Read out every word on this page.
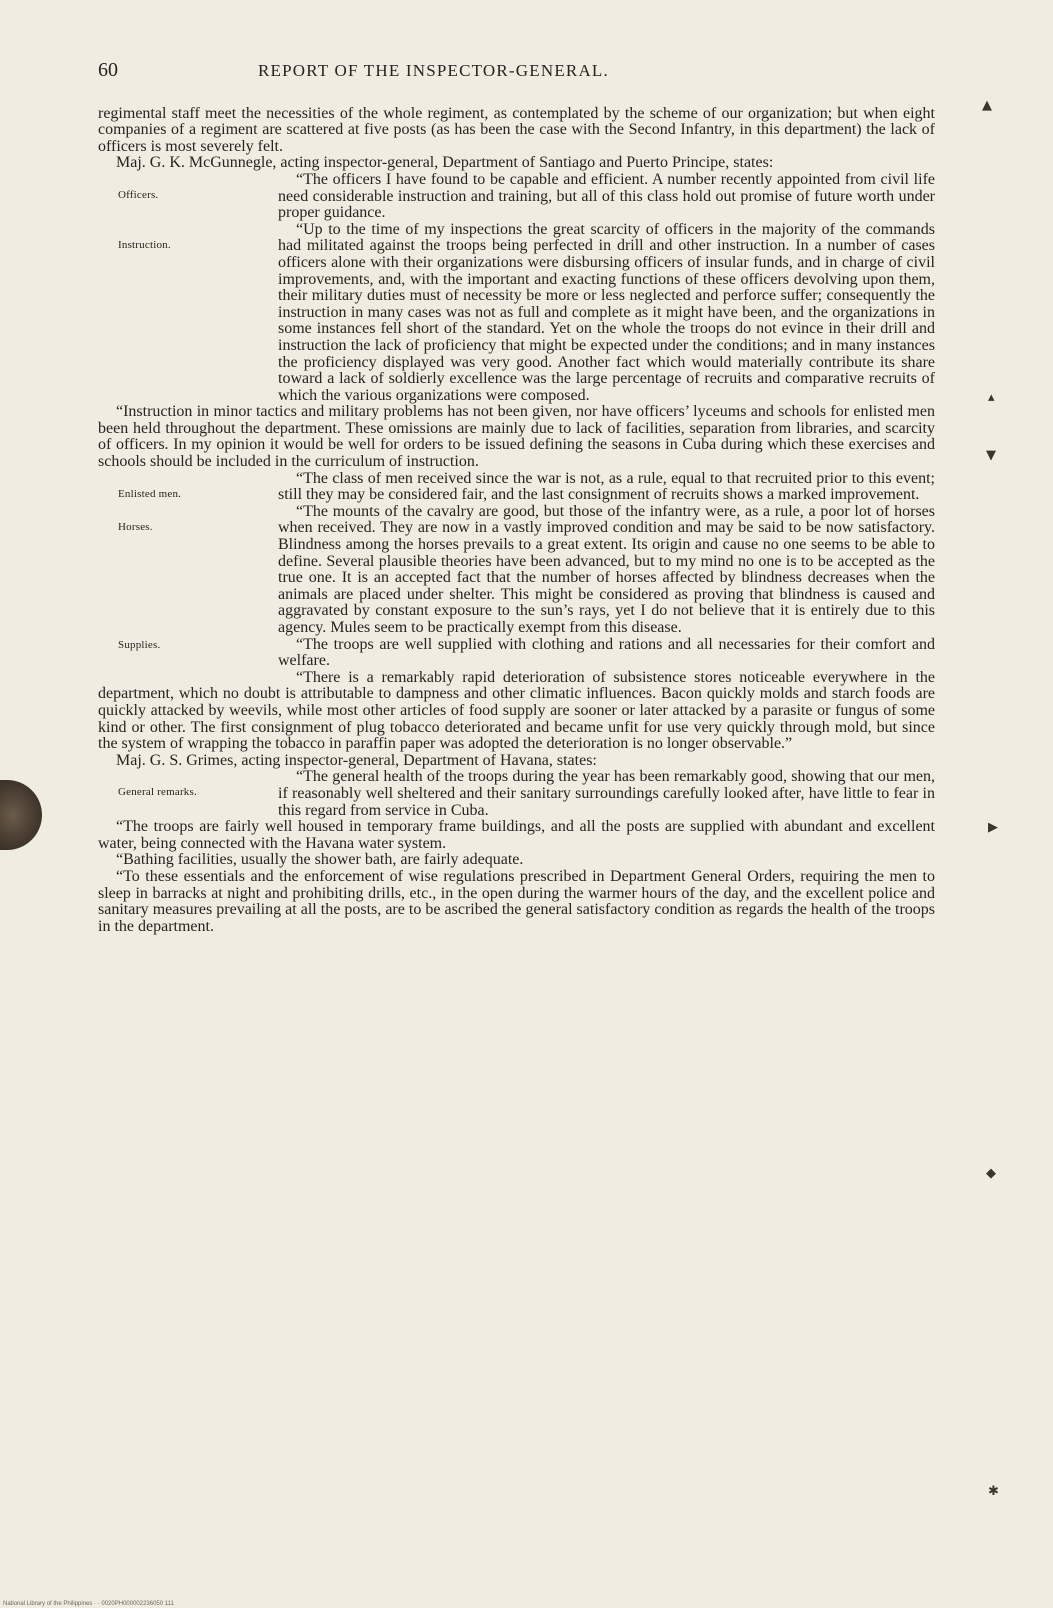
▲
▴
▼
▶
◆
✱
60	REPORT OF THE INSPECTOR-GENERAL.

regimental staff meet the necessities of the whole regiment, as contemplated by the scheme of our organization; but when eight companies of a regiment are scattered at five posts (as has been the case with the Second Infantry, in this department) the lack of officers is most severely felt.

Maj. G. K. McGunnegle, acting inspector-general, Department of Santiago and Puerto Principe, states:

Officers.

“The officers I have found to be capable and efficient. A number recently appointed from civil life need considerable instruction and training, but all of this class hold out promise of future worth under proper guidance.

Instruction.

“Up to the time of my inspections the great scarcity of officers in the majority of the commands had militated against the troops being perfected in drill and other instruction. In a number of cases officers alone with their organizations were disbursing officers of insular funds, and in charge of civil improvements, and, with the important and exacting functions of these officers devolving upon them, their military duties must of necessity be more or less neglected and perforce suffer; consequently the instruction in many cases was not as full and complete as it might have been, and the organizations in some instances fell short of the standard. Yet on the whole the troops do not evince in their drill and instruction the lack of proficiency that might be expected under the conditions; and in many instances the proficiency displayed was very good. Another fact which would materially contribute its share toward a lack of soldierly excellence was the large percentage of recruits and comparative recruits of which the various organizations were composed.

“Instruction in minor tactics and military problems has not been given, nor have officers’ lyceums and schools for enlisted men been held throughout the department. These omissions are mainly due to lack of facilities, separation from libraries, and scarcity of officers. In my opinion it would be well for orders to be issued defining the seasons in Cuba during which these exercises and schools should be included in the curriculum of instruction.

Enlisted men.

“The class of men received since the war is not, as a rule, equal to that recruited prior to this event; still they may be considered fair, and the last consignment of recruits shows a marked improvement.

Horses.

“The mounts of the cavalry are good, but those of the infantry were, as a rule, a poor lot of horses when received. They are now in a vastly improved condition and may be said to be now satisfactory. Blindness among the horses prevails to a great extent. Its origin and cause no one seems to be able to define. Several plausible theories have been advanced, but to my mind no one is to be accepted as the true one. It is an accepted fact that the number of horses affected by blindness decreases when the animals are placed under shelter. This might be considered as proving that blindness is caused and aggravated by constant exposure to the sun’s rays, yet I do not believe that it is entirely due to this agency. Mules seem to be practically exempt from this disease.

Supplies.	“The troops are well supplied with clothing and rations and all necessaries for their comfort and welfare.

“There is a remarkably rapid deterioration of subsistence stores noticeable everywhere in the department, which no doubt is attributable to dampness and other climatic influences. Bacon quickly molds and starch foods are quickly attacked by weevils, while most other articles of food supply are sooner or later attacked by a parasite or fungus of some kind or other. The first consignment of plug tobacco deteriorated and became unfit for use very quickly through mold, but since the system of wrapping the tobacco in paraffin paper was adopted the deterioration is no longer observable.”

Maj. G. S. Grimes, acting inspector-general, Department of Havana, states:

General remarks.

“The general health of the troops during the year has been remarkably good, showing that our men, if reasonably well sheltered and their sanitary surroundings carefully looked after, have little to fear in this regard from service in Cuba.

“The troops are fairly well housed in temporary frame buildings, and all the posts are supplied with abundant and excellent water, being connected with the Havana water system.

“Bathing facilities, usually the shower bath, are fairly adequate.

“To these essentials and the enforcement of wise regulations prescribed in Department General Orders, requiring the men to sleep in barracks at night and prohibiting drills, etc., in the open during the warmer hours of the day, and the excellent police and sanitary measures prevailing at all the posts, are to be ascribed the general satisfactory condition as regards the health of the troops in the department.

National Library of the Philippines · · 0020PH000002236050 111
